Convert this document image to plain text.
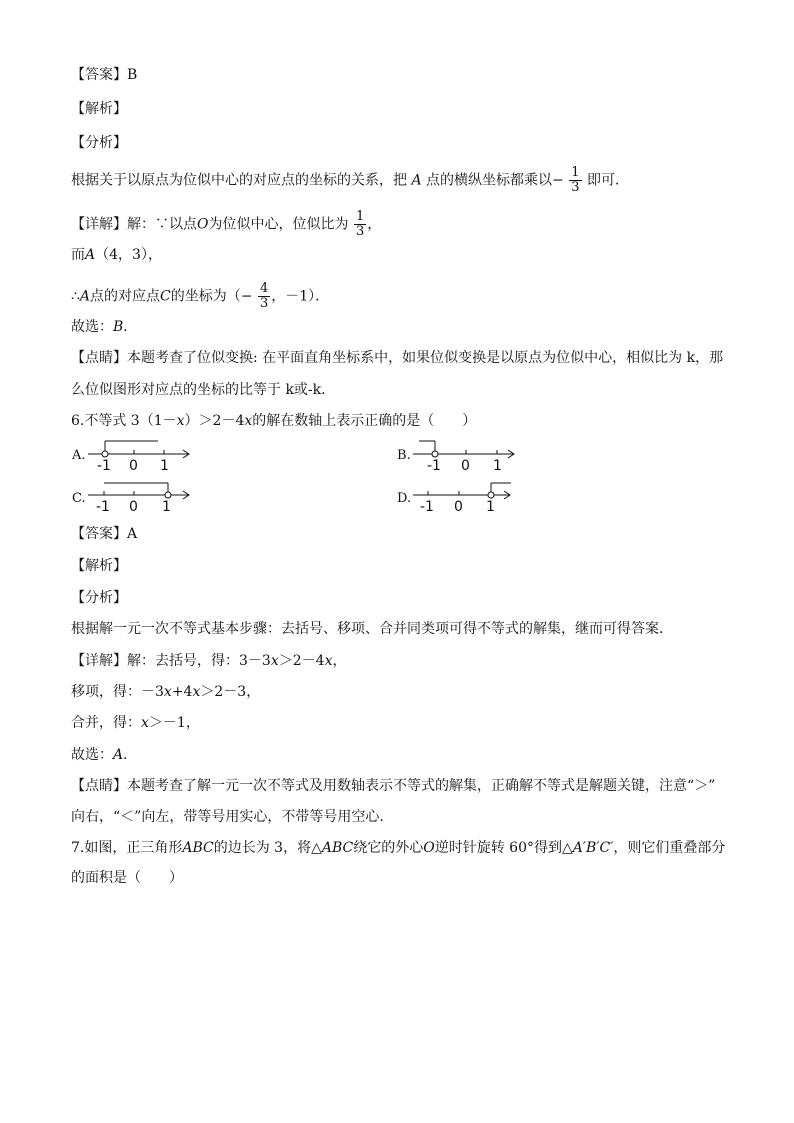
【答案】B
【解析】
【分析】
根据关于以原点为位似中心的对应点的坐标的关系，把 A 点的横纵坐标都乘以− $\frac{1}{3}$ 即可．
【详解】解：∵以点O为位似中心，位似比为 $\frac{1}{3}$ ，
而A（4，3），
∴A点的对应点C的坐标为（− $\frac{4}{3}$ ，－1）．
故选：B．
【点睛】本题考查了位似变换: 在平面直角坐标系中，如果位似变换是以原点为位似中心，相似比为 k，那
么位似图形对应点的坐标的比等于 k或-k．
6.不等式 3（1－x）＞2－4x的解在数轴上表示正确的是（　　）
A.
-1 0 1
B.
-1 0 1
C.
-1 0 1
D.
-1 0 1
【答案】A
【解析】
【分析】
根据解一元一次不等式基本步骤：去括号、移项、合并同类项可得不等式的解集，继而可得答案．
【详解】解：去括号，得：3－3x＞2－4x，
移项，得：－3x+4x＞2－3，
合并，得：x＞－1，
故选：A．
【点睛】本题考查了解一元一次不等式及用数轴表示不等式的解集，正确解不等式是解题关键，注意“＞”
向右，“＜”向左，带等号用实心，不带等号用空心．
7.如图，正三角形ABC的边长为 3，将△ABC绕它的外心O逆时针旋转 60°得到△A′B′C′，则它们重叠部分
的面积是（　　）
